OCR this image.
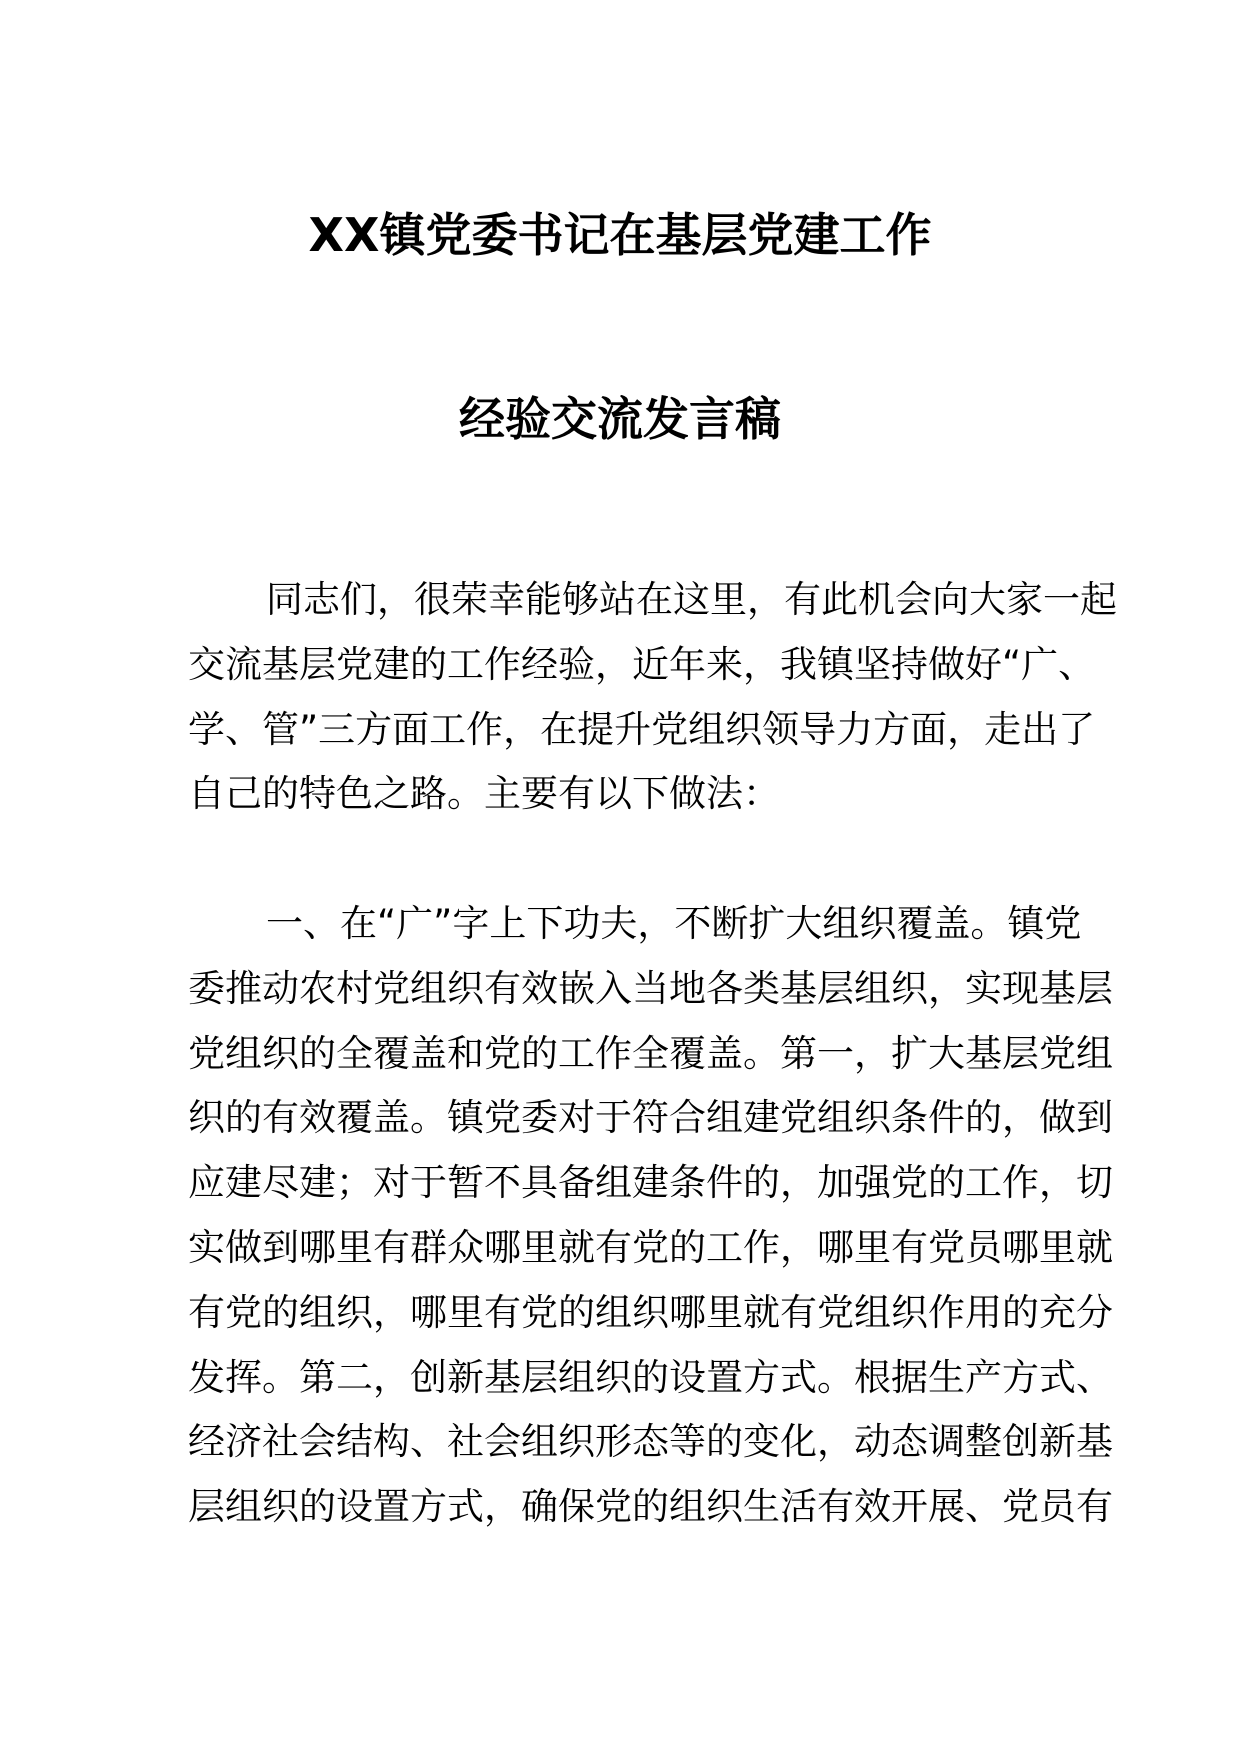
XX镇党委书记在基层党建工作
经验交流发言稿
同志们，很荣幸能够站在这里，有此机会向大家一起
交流基层党建的工作经验，近年来，我镇坚持做好“广、
学、管”三方面工作，在提升党组织领导力方面，走出了
自己的特色之路。主要有以下做法：
一、在“广”字上下功夫，不断扩大组织覆盖。镇党
委推动农村党组织有效嵌入当地各类基层组织，实现基层
党组织的全覆盖和党的工作全覆盖。第一，扩大基层党组
织的有效覆盖。镇党委对于符合组建党组织条件的，做到
应建尽建；对于暂不具备组建条件的，加强党的工作，切
实做到哪里有群众哪里就有党的工作，哪里有党员哪里就
有党的组织，哪里有党的组织哪里就有党组织作用的充分
发挥。第二，创新基层组织的设置方式。根据生产方式、
经济社会结构、社会组织形态等的变化，动态调整创新基
层组织的设置方式，确保党的组织生活有效开展、党员有
